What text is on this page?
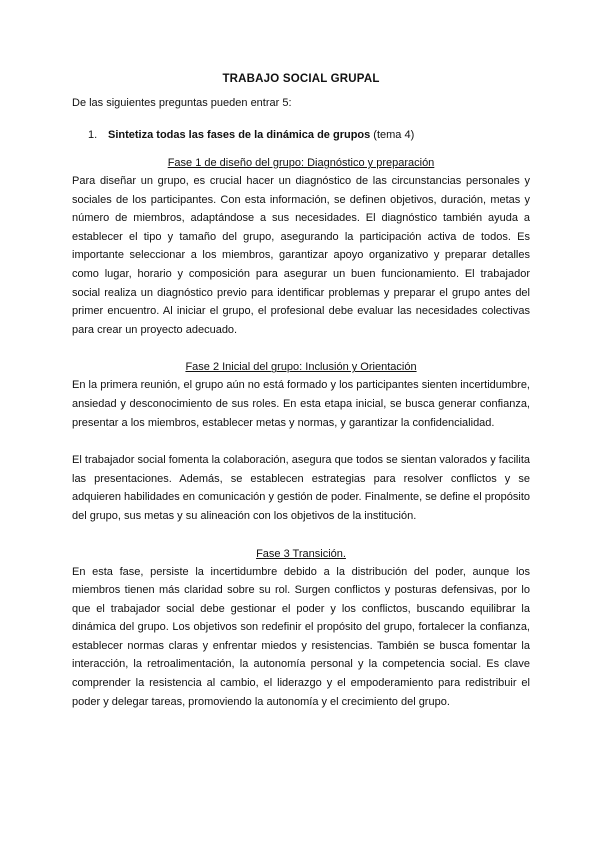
TRABAJO SOCIAL GRUPAL

De las siguientes preguntas pueden entrar 5:

1. Sintetiza todas las fases de la dinámica de grupos (tema 4)

Fase 1 de diseño del grupo: Diagnóstico y preparación

Para diseñar un grupo, es crucial hacer un diagnóstico de las circunstancias personales y sociales de los participantes. Con esta información, se definen objetivos, duración, metas y número de miembros, adaptándose a sus necesidades. El diagnóstico también ayuda a establecer el tipo y tamaño del grupo, asegurando la participación activa de todos. Es importante seleccionar a los miembros, garantizar apoyo organizativo y preparar detalles como lugar, horario y composición para asegurar un buen funcionamiento. El trabajador social realiza un diagnóstico previo para identificar problemas y preparar el grupo antes del primer encuentro. Al iniciar el grupo, el profesional debe evaluar las necesidades colectivas para crear un proyecto adecuado.

Fase 2 Inicial del grupo: Inclusión y Orientación

En la primera reunión, el grupo aún no está formado y los participantes sienten incertidumbre, ansiedad y desconocimiento de sus roles. En esta etapa inicial, se busca generar confianza, presentar a los miembros, establecer metas y normas, y garantizar la confidencialidad.

El trabajador social fomenta la colaboración, asegura que todos se sientan valorados y facilita las presentaciones. Además, se establecen estrategias para resolver conflictos y se adquieren habilidades en comunicación y gestión de poder. Finalmente, se define el propósito del grupo, sus metas y su alineación con los objetivos de la institución.

Fase 3 Transición.

En esta fase, persiste la incertidumbre debido a la distribución del poder, aunque los miembros tienen más claridad sobre su rol. Surgen conflictos y posturas defensivas, por lo que el trabajador social debe gestionar el poder y los conflictos, buscando equilibrar la dinámica del grupo. Los objetivos son redefinir el propósito del grupo, fortalecer la confianza, establecer normas claras y enfrentar miedos y resistencias. También se busca fomentar la interacción, la retroalimentación, la autonomía personal y la competencia social. Es clave comprender la resistencia al cambio, el liderazgo y el empoderamiento para redistribuir el poder y delegar tareas, promoviendo la autonomía y el crecimiento del grupo.
